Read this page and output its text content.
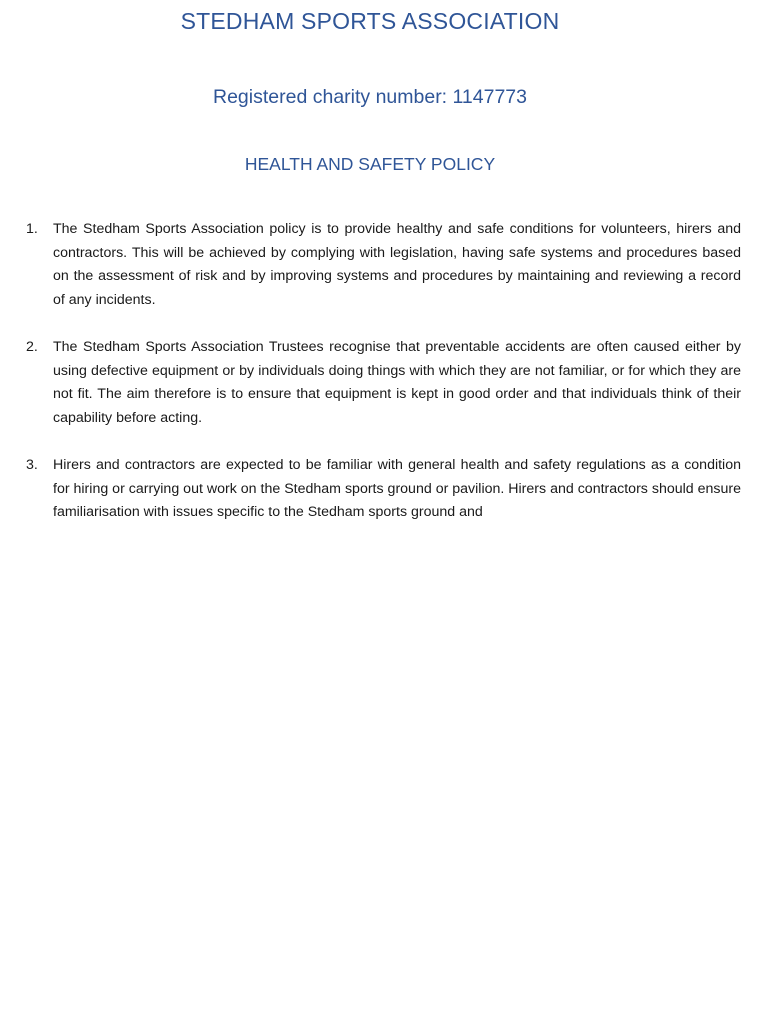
STEDHAM SPORTS ASSOCIATION
Registered charity number: 1147773
HEALTH AND SAFETY POLICY
1. The Stedham Sports Association policy is to provide healthy and safe conditions for volunteers, hirers and contractors. This will be achieved by complying with legislation, having safe systems and procedures based on the assessment of risk and by improving systems and procedures by maintaining and reviewing a record of any incidents.
2. The Stedham Sports Association Trustees recognise that preventable accidents are often caused either by using defective equipment or by individuals doing things with which they are not familiar, or for which they are not fit. The aim therefore is to ensure that equipment is kept in good order and that individuals think of their capability before acting.
3. Hirers and contractors are expected to be familiar with general health and safety regulations as a condition for hiring or carrying out work on the Stedham sports ground or pavilion. Hirers and contractors should ensure familiarisation with issues specific to the Stedham sports ground and
